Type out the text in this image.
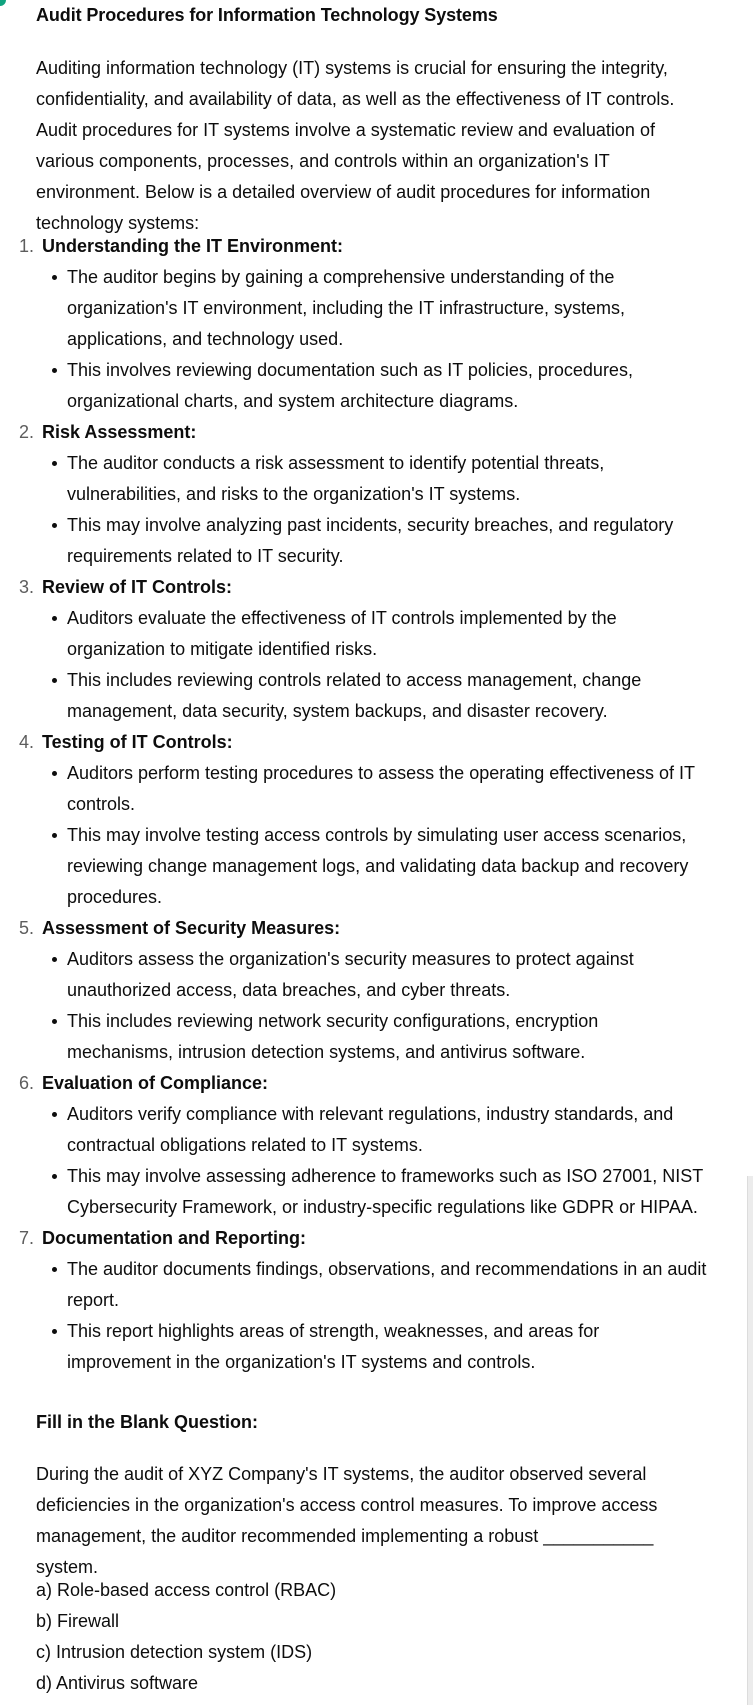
Audit Procedures for Information Technology Systems

Auditing information technology (IT) systems is crucial for ensuring the integrity, confidentiality, and availability of data, as well as the effectiveness of IT controls. Audit procedures for IT systems involve a systematic review and evaluation of various components, processes, and controls within an organization's IT environment. Below is a detailed overview of audit procedures for information technology systems:

1. Understanding the IT Environment:
The auditor begins by gaining a comprehensive understanding of the organization's IT environment, including the IT infrastructure, systems, applications, and technology used.
This involves reviewing documentation such as IT policies, procedures, organizational charts, and system architecture diagrams.
2. Risk Assessment:
The auditor conducts a risk assessment to identify potential threats, vulnerabilities, and risks to the organization's IT systems.
This may involve analyzing past incidents, security breaches, and regulatory requirements related to IT security.
3. Review of IT Controls:
Auditors evaluate the effectiveness of IT controls implemented by the organization to mitigate identified risks.
This includes reviewing controls related to access management, change management, data security, system backups, and disaster recovery.
4. Testing of IT Controls:
Auditors perform testing procedures to assess the operating effectiveness of IT controls.
This may involve testing access controls by simulating user access scenarios, reviewing change management logs, and validating data backup and recovery procedures.
5. Assessment of Security Measures:
Auditors assess the organization's security measures to protect against unauthorized access, data breaches, and cyber threats.
This includes reviewing network security configurations, encryption mechanisms, intrusion detection systems, and antivirus software.
6. Evaluation of Compliance:
Auditors verify compliance with relevant regulations, industry standards, and contractual obligations related to IT systems.
This may involve assessing adherence to frameworks such as ISO 27001, NIST Cybersecurity Framework, or industry-specific regulations like GDPR or HIPAA.
7. Documentation and Reporting:
The auditor documents findings, observations, and recommendations in an audit report.
This report highlights areas of strength, weaknesses, and areas for improvement in the organization's IT systems and controls.
Fill in the Blank Question:

During the audit of XYZ Company's IT systems, the auditor observed several deficiencies in the organization's access control measures. To improve access management, the auditor recommended implementing a robust ___________ system.

a) Role-based access control (RBAC)
b) Firewall
c) Intrusion detection system (IDS)
d) Antivirus software
